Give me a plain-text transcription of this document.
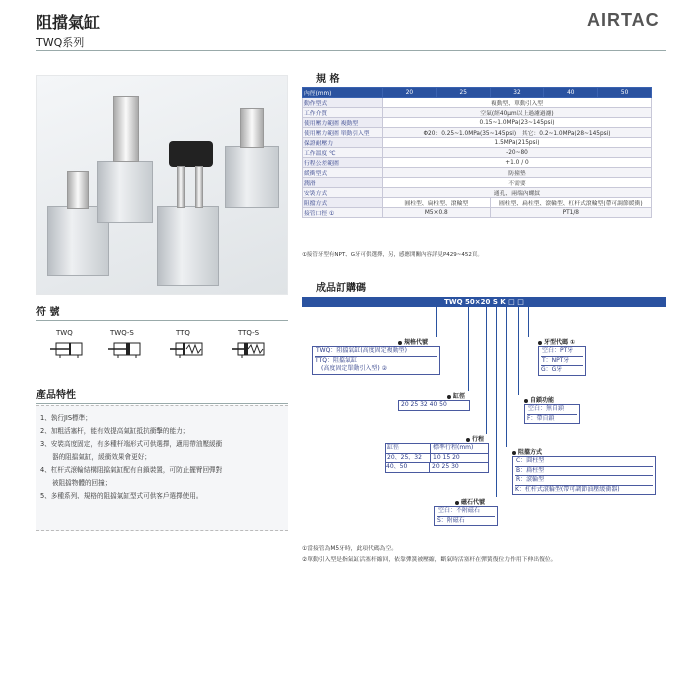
阻擋氣缸
TWQ系列
AIRTAC
規 格
內徑(mm)	20	25	32	40	50
動作型式	複動型、單動引入型				
工作介質	空氣(經40μm以上過濾過濾)				
使用壓力範圍 複動型	0.15~1.0MPa(23~145psi)				
使用壓力範圍 單動引入型	Φ20：0.25~1.0MPa(35~145psi)　其它：0.2~1.0MPa(28~145psi)				
保證耐壓力	1.5MPa(215psi)				
工作溫度 ℃	-20~80				
行程公差範圍	+1.0 / 0				
緩衝型式	防撞墊				
潤滑	不需要				
安裝方式	通孔、兩端內螺紋				
阻擋方式	圓柱型、扁柱型、滾輪型		圓柱型、扁柱型、滾輪型、杠杆式滾輪型(帶可調節緩衝)		
接管口徑 ①	M5×0.8		PT1/8		
①接管牙型有NPT、G牙可供選擇，另，感應開關內容詳見P429~452頁。
符 號
TWQ	TWQ-S	TTQ	TTQ-S
產品特性
1、執行JIS標準；
2、加粗活塞杆，能有效提高氣缸抵抗衝擊的能力；
3、安裝高度固定，有多種杆端形式可供選擇，適用帶油壓緩衝
器的阻擋氣缸，緩衝效果會更好；
4、杠杆式滾輪結構阻擋氣缸配有自鎖裝置，可防止擺臂回彈對
被阻擋物體的回撞；
5、多種系列、規格的阻擋氣缸型式可供客戶選擇使用。
成品訂購碼
TWQ 50×20 S K □ □
規格代號
TWQ：阻擋氣缸(高度固定複動型)
TTQ：阻擋氣缸
(高度固定單動引入型) ②
缸徑
20 25 32 40 50
行程
缸徑	標準行程(mm)
20、25、32	10 15 20
40、50	20 25 30
磁石代號
空白：不附磁石
S：附磁石
牙型代碼 ①
空白：PT牙
T：NPT牙
G：G牙
自鎖功能
空白：無自鎖
F：帶自鎖
阻擋方式
C：圓柱型
B：扁柱型
R：滾輪型
K：杠杆式滾輪型(帶可調節油壓緩衝器)
①當接管為M5牙時，此項代碼為空。
②單動引入型是指氣缸活塞杆縮回，依靠彈簧被壓縮，斷氣時活塞杆在彈簧復位力作用下伸出復位。
